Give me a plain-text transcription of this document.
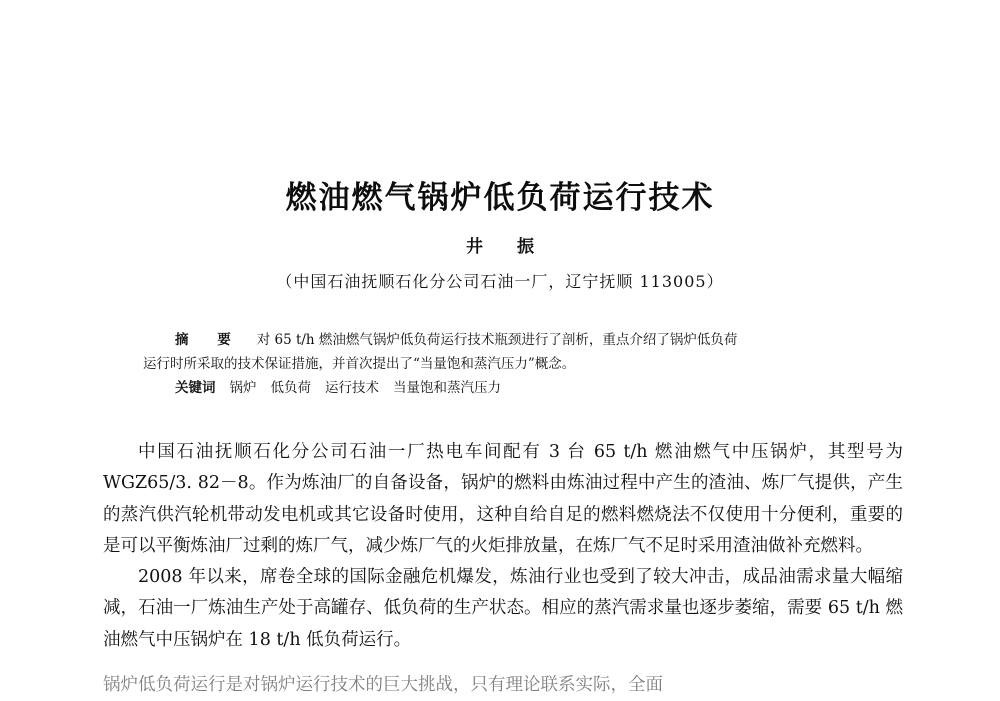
燃油燃气锅炉低负荷运行技术
井 振
（中国石油抚顺石化分公司石油一厂，辽宁抚顺 113005）
摘 要 对 65 t/h 燃油燃气锅炉低负荷运行技术瓶颈进行了剖析，重点介绍了锅炉低负荷
运行时所采取的技术保证措施，并首次提出了“当量饱和蒸汽压力”概念。
关键词 锅炉 低负荷 运行技术 当量饱和蒸汽压力

中国石油抚顺石化分公司石油一厂热电车间配有 3 台 65 t/h 燃油燃气中压锅炉，其型号为 WGZ65/3. 82－8。作为炼油厂的自备设备，锅炉的燃料由炼油过程中产生的渣油、炼厂气提供，产生的蒸汽供汽轮机带动发电机或其它设备时使用，这种自给自足的燃料燃烧法不仅使用十分便利，重要的是可以平衡炼油厂过剩的炼厂气，减少炼厂气的火炬排放量，在炼厂气不足时采用渣油做补充燃料。

2008 年以来，席卷全球的国际金融危机爆发，炼油行业也受到了较大冲击，成品油需求量大幅缩减，石油一厂炼油生产处于高罐存、低负荷的生产状态。相应的蒸汽需求量也逐步萎缩，需要 65 t/h 燃油燃气中压锅炉在 18 t/h 低负荷运行。

锅炉低负荷运行是对锅炉运行技术的巨大挑战，只有理论联系实际，全面
